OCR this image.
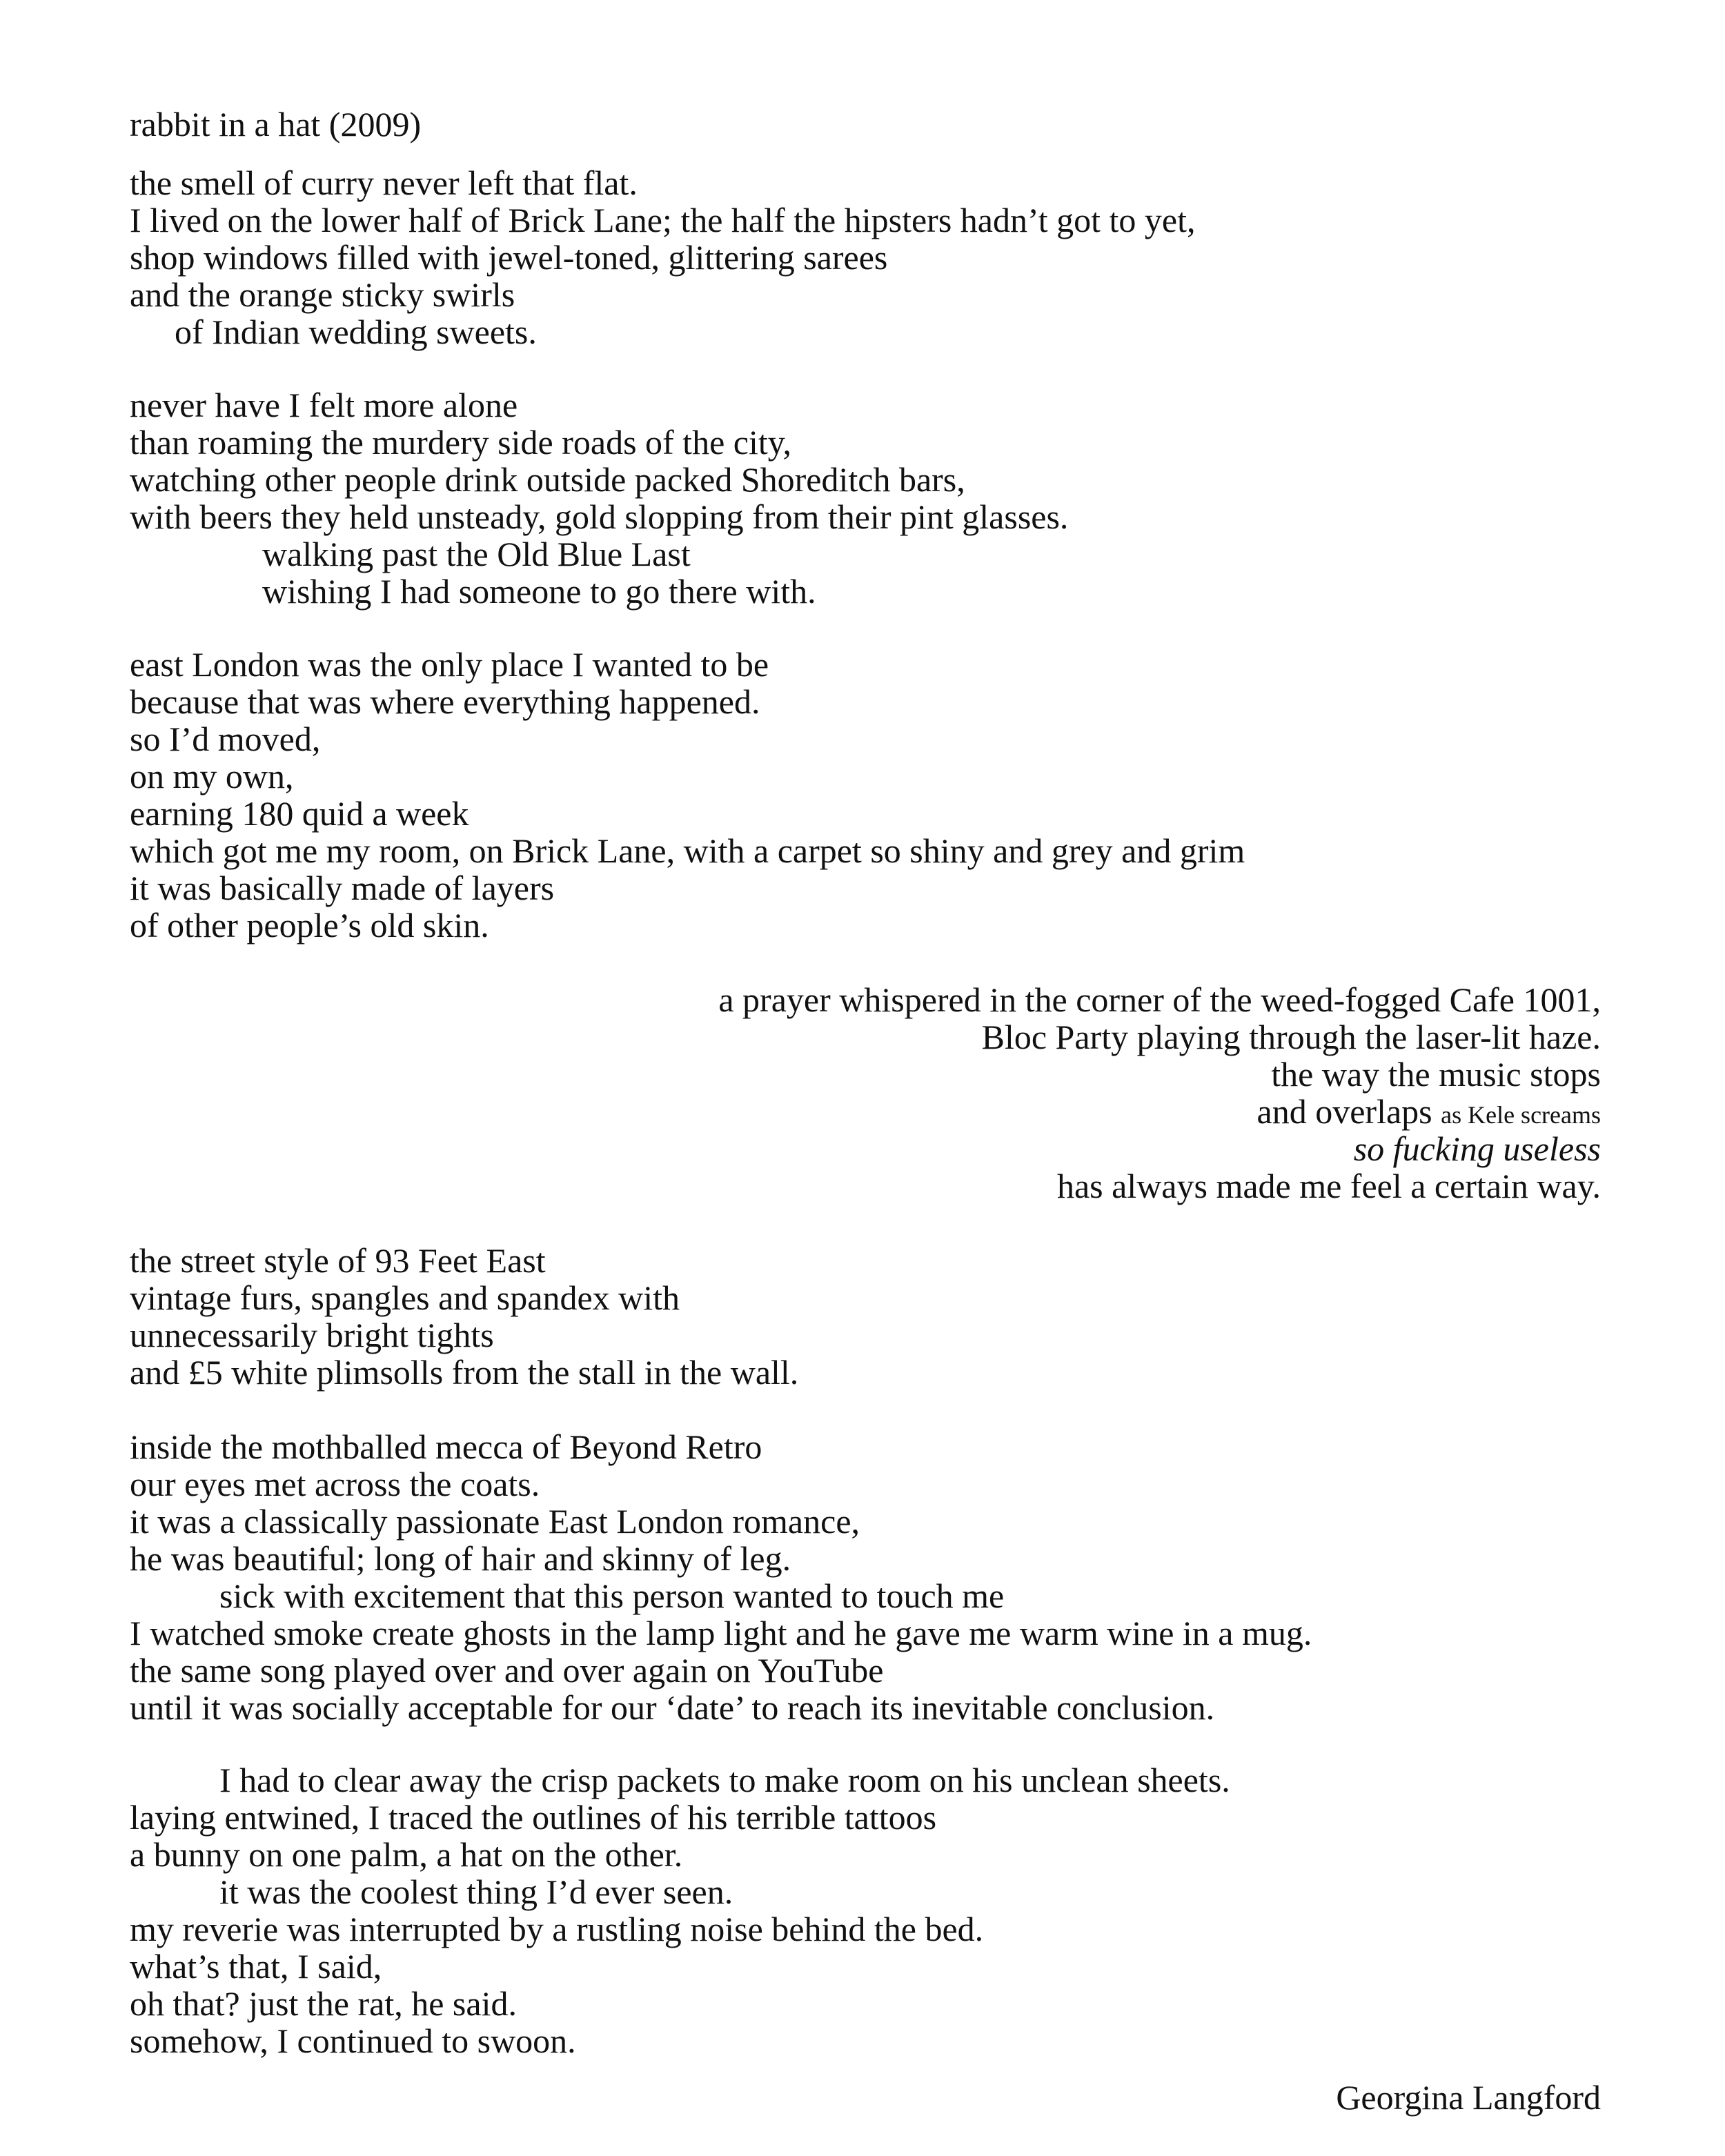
rabbit in a hat (2009)
the smell of curry never left that flat.
I lived on the lower half of Brick Lane; the half the hipsters hadn’t got to yet,
shop windows filled with jewel-toned, glittering sarees
and the orange sticky swirls
of Indian wedding sweets.
never have I felt more alone
than roaming the murdery side roads of the city,
watching other people drink outside packed Shoreditch bars,
with beers they held unsteady, gold slopping from their pint glasses.
walking past the Old Blue Last
wishing I had someone to go there with.
east London was the only place I wanted to be
because that was where everything happened.
so I’d moved,
on my own,
earning 180 quid a week
which got me my room, on Brick Lane, with a carpet so shiny and grey and grim
it was basically made of layers
of other people’s old skin.
a prayer whispered in the corner of the weed-fogged Cafe 1001,
Bloc Party playing through the laser-lit haze.
the way the music stops
and overlaps as Kele screams
so fucking useless
has always made me feel a certain way.
the street style of 93 Feet East
vintage furs, spangles and spandex with
unnecessarily bright tights
and £5 white plimsolls from the stall in the wall.
inside the mothballed mecca of Beyond Retro
our eyes met across the coats.
it was a classically passionate East London romance,
he was beautiful; long of hair and skinny of leg.
sick with excitement that this person wanted to touch me
I watched smoke create ghosts in the lamp light and he gave me warm wine in a mug.
the same song played over and over again on YouTube
until it was socially acceptable for our ‘date’ to reach its inevitable conclusion.
I had to clear away the crisp packets to make room on his unclean sheets.
laying entwined, I traced the outlines of his terrible tattoos
a bunny on one palm, a hat on the other.
it was the coolest thing I’d ever seen.
my reverie was interrupted by a rustling noise behind the bed.
what’s that, I said,
oh that? just the rat, he said.
somehow, I continued to swoon.
Georgina Langford
